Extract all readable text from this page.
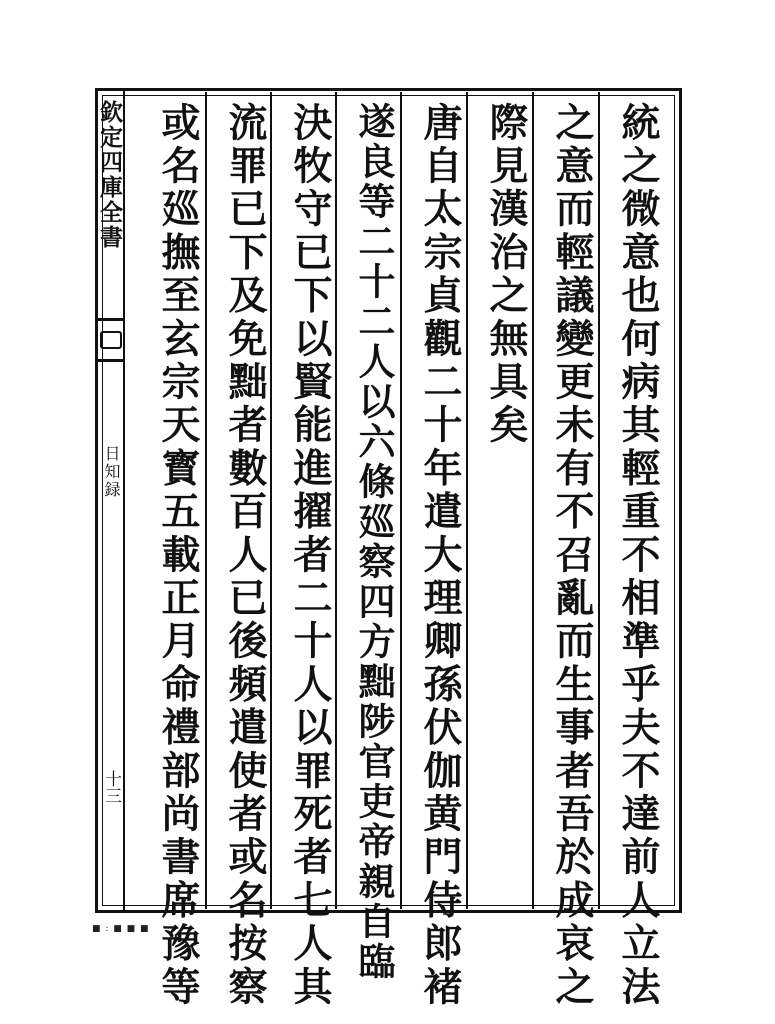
欽定四庫全書
日知録
十三	統之微意也何病其輕重不相準乎夫不達前人立法
之意而輕議變更未有不召亂而生事者吾於成哀之
際見漢治之無具矣
唐自太宗貞觀二十年遣大理卿孫伏伽黄門侍郎褚
遂良等二十二人以六條廵察四方黜陟官吏帝親自臨
決牧守已下以賢能進擢者二十人以罪死者七人其
流罪已下及免黜者數百人已後頻遣使者或名按察
或名廵撫至玄宗天寳五載正月命禮部尚書席豫等
■ : ■ ■ ■
